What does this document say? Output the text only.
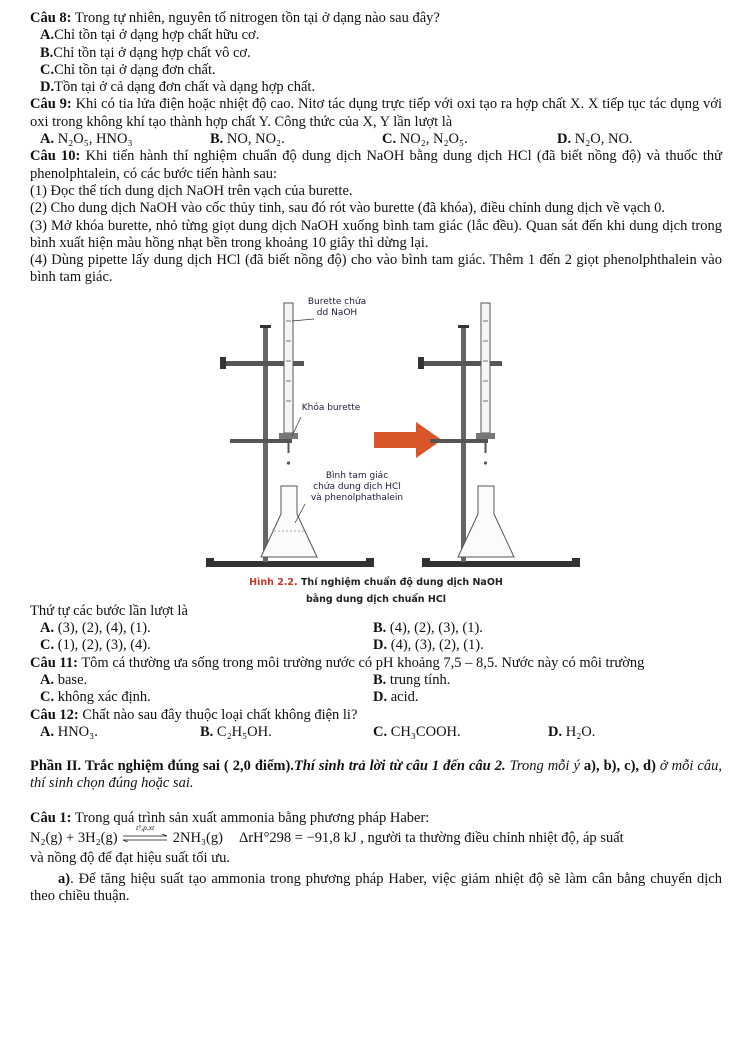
Câu 8: Trong tự nhiên, nguyên tố nitrogen tồn tại ở dạng nào sau đây?
A. Chỉ tồn tại ở dạng hợp chất hữu cơ.
B. Chỉ tồn tại ở dạng hợp chất vô cơ.
C. Chỉ tồn tại ở dạng đơn chất.
D. Tồn tại ở cả dạng đơn chất và dạng hợp chất.
Câu 9: Khi có tia lửa điện hoặc nhiệt độ cao. Nitơ tác dụng trực tiếp với oxi tạo ra hợp chất X. X tiếp tục tác dụng với oxi trong không khí tạo thành hợp chất Y. Công thức của X, Y lần lượt là
A. N₂O₅, HNO₃	B. NO, NO₂.	C. NO₂, N₂O₅.	D. N₂O, NO.
Câu 10: Khi tiến hành thí nghiệm chuẩn độ dung dịch NaOH bằng dung dịch HCl (đã biết nồng độ) và thuốc thử phenolphtalein, có các bước tiến hành sau:
(1) Đọc thể tích dung dịch NaOH trên vạch của burette.
(2) Cho dung dịch NaOH vào cốc thủy tinh, sau đó rót vào burette (đã khóa), điều chỉnh dung dịch về vạch 0.
(3) Mở khóa burette, nhỏ từng giọt dung dịch NaOH xuống bình tam giác (lắc đều). Quan sát đến khi dung dịch trong bình xuất hiện màu hồng nhạt bền trong khoảng 10 giây thì dừng lại.
(4) Dùng pipette lấy dung dịch HCl (đã biết nồng độ) cho vào bình tam giác. Thêm 1 đến 2 giọt phenolphthalein vào bình tam giác.
Burette chứa
dd NaOH
Khóa burette
Bình tam giác
chứa dung dịch HCl
và phenolphathalein
Hình 2.2. Thí nghiệm chuẩn độ dung dịch NaOH
bằng dung dịch chuẩn HCl
Thứ tự các bước lần lượt là
A. (3), (2), (4), (1).	B. (4), (2), (3), (1).
C. (1), (2), (3), (4).	D. (4), (3), (2), (1).
Câu 11: Tôm cá thường ưa sống trong môi trường nước có pH khoảng 7,5 – 8,5. Nước này có môi trường
A. base.	B. trung tính.
C. không xác định.	D. acid.
Câu 12: Chất nào sau đây thuộc loại chất không điện li?
A. HNO₃.	B. C₂H₅OH.	C. CH₃COOH.	D. H₂O.
Phần II. Trắc nghiệm đúng sai ( 2,0 điểm).Thí sinh trả lời từ câu 1 đến câu 2. Trong mỗi ý a), b), c), d) ở mỗi câu, thí sinh chọn đúng hoặc sai.
Câu 1: Trong quá trình sản xuất ammonia bằng phương pháp Haber:
N₂(g) + 3H₂(g)
t°,p,xt
2NH₃(g) ΔrH°298 = −91,8 kJ , người ta thường điều chỉnh nhiệt độ, áp suất
và nồng độ để đạt hiệu suất tối ưu.
a). Để tăng hiệu suất tạo ammonia trong phương pháp Haber, việc giảm nhiệt độ sẽ làm cân bằng chuyển dịch theo chiều thuận.
